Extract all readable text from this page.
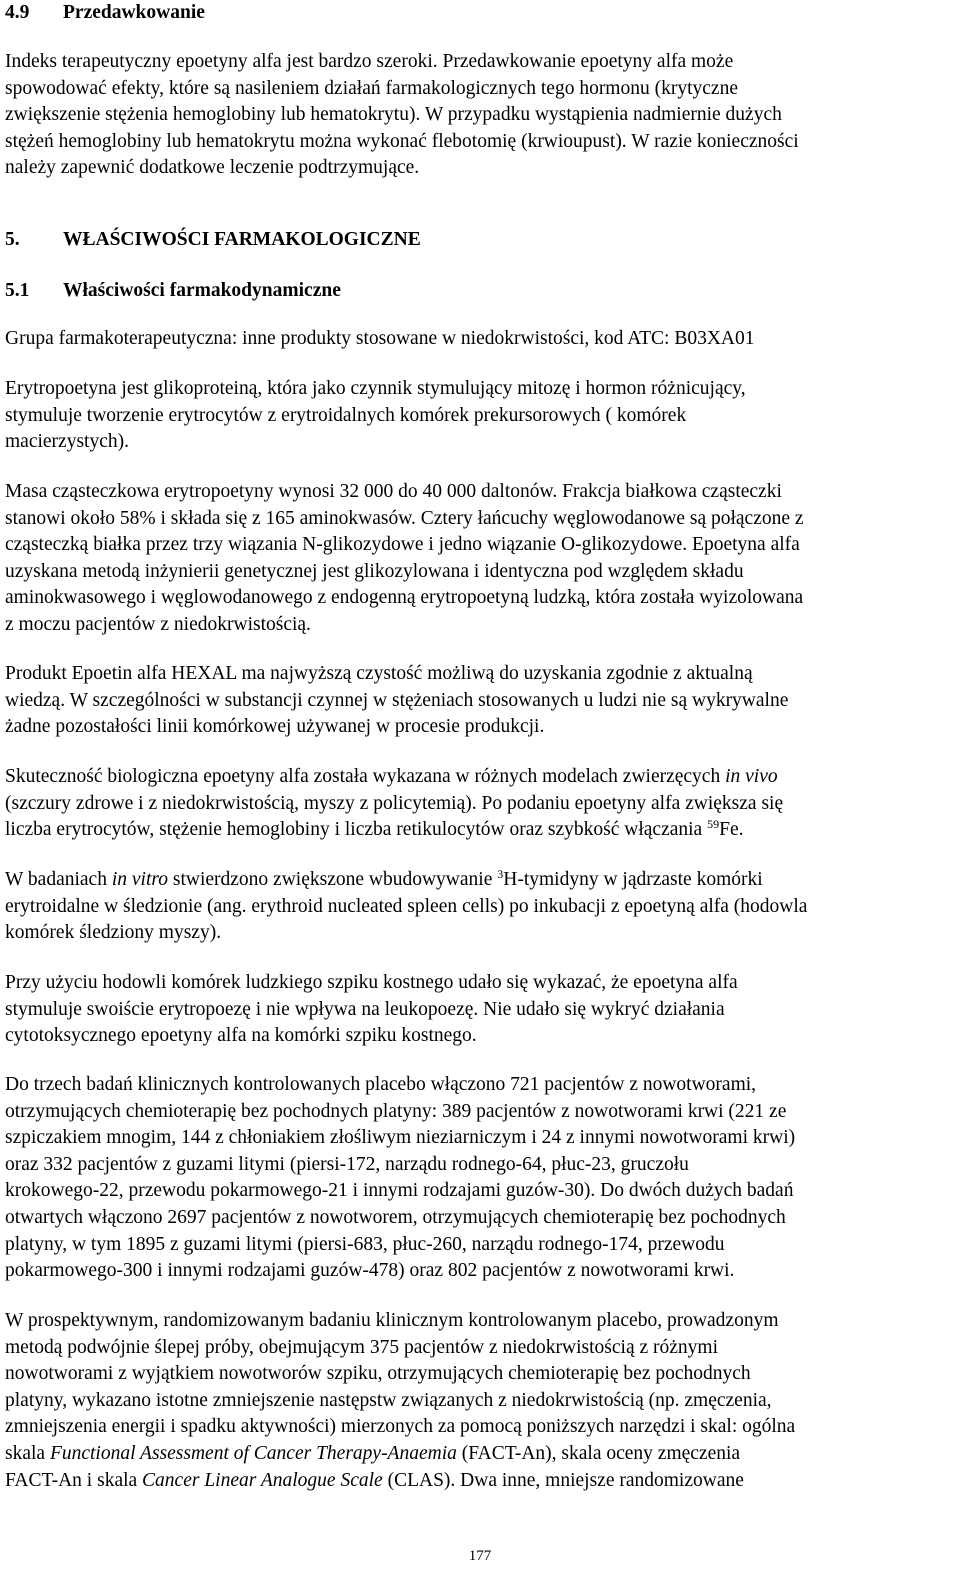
4.9 Przedawkowanie

Indeks terapeutyczny epoetyny alfa jest bardzo szeroki. Przedawkowanie epoetyny alfa może
spowodować efekty, które są nasileniem działań farmakologicznych tego hormonu (krytyczne
zwiększenie stężenia hemoglobiny lub hematokrytu). W przypadku wystąpienia nadmiernie dużych
stężeń hemoglobiny lub hematokrytu można wykonać flebotomię (krwioupust). W razie konieczności
należy zapewnić dodatkowe leczenie podtrzymujące.

5. WŁAŚCIWOŚCI FARMAKOLOGICZNE
5.1 Właściwości farmakodynamiczne

Grupa farmakoterapeutyczna: inne produkty stosowane w niedokrwistości, kod ATC: B03XA01

Erytropoetyna jest glikoproteiną, która jako czynnik stymulujący mitozę i hormon różnicujący,
stymuluje tworzenie erytrocytów z erytroidalnych komórek prekursorowych ( komórek
macierzystych).

Masa cząsteczkowa erytropoetyny wynosi 32 000 do 40 000 daltonów. Frakcja białkowa cząsteczki
stanowi około 58% i składa się z 165 aminokwasów. Cztery łańcuchy węglowodanowe są połączone z
cząsteczką białka przez trzy wiązania N-glikozydowe i jedno wiązanie O-glikozydowe. Epoetyna alfa
uzyskana metodą inżynierii genetycznej jest glikozylowana i identyczna pod względem składu
aminokwasowego i węglowodanowego z endogenną erytropoetyną ludzką, która została wyizolowana
z moczu pacjentów z niedokrwistością.

Produkt Epoetin alfa HEXAL ma najwyższą czystość możliwą do uzyskania zgodnie z aktualną
wiedzą. W szczególności w substancji czynnej w stężeniach stosowanych u ludzi nie są wykrywalne
żadne pozostałości linii komórkowej używanej w procesie produkcji.

Skuteczność biologiczna epoetyny alfa została wykazana w różnych modelach zwierzęcych in vivo
(szczury zdrowe i z niedokrwistością, myszy z policytemią). Po podaniu epoetyny alfa zwiększa się
liczba erytrocytów, stężenie hemoglobiny i liczba retikulocytów oraz szybkość włączania $^{59}$Fe.

W badaniach in vitro stwierdzono zwiększone wbudowywanie $^3$H-tymidyny w jądrzaste komórki
erytroidalne w śledzionie (ang. erythroid nucleated spleen cells) po inkubacji z epoetyną alfa (hodowla
komórek śledziony myszy).

Przy użyciu hodowli komórek ludzkiego szpiku kostnego udało się wykazać, że epoetyna alfa
stymuluje swoiście erytropoezę i nie wpływa na leukopoezę. Nie udało się wykryć działania
cytotoksycznego epoetyny alfa na komórki szpiku kostnego.

Do trzech badań klinicznych kontrolowanych placebo włączono 721 pacjentów z nowotworami,
otrzymujących chemioterapię bez pochodnych platyny: 389 pacjentów z nowotworami krwi (221 ze
szpiczakiem mnogim, 144 z chłoniakiem złośliwym nieziarniczym i 24 z innymi nowotworami krwi)
oraz 332 pacjentów z guzami litymi (piersi-172, narządu rodnego-64, płuc-23, gruczołu
krokowego-22, przewodu pokarmowego-21 i innymi rodzajami guzów-30). Do dwóch dużych badań
otwartych włączono 2697 pacjentów z nowotworem, otrzymujących chemioterapię bez pochodnych
platyny, w tym 1895 z guzami litymi (piersi-683, płuc-260, narządu rodnego-174, przewodu
pokarmowego-300 i innymi rodzajami guzów-478) oraz 802 pacjentów z nowotworami krwi.

W prospektywnym, randomizowanym badaniu klinicznym kontrolowanym placebo, prowadzonym
metodą podwójnie ślepej próby, obejmującym 375 pacjentów z niedokrwistością z różnymi
nowotworami z wyjątkiem nowotworów szpiku, otrzymujących chemioterapię bez pochodnych
platyny, wykazano istotne zmniejszenie następstw związanych z niedokrwistością (np. zmęczenia,
zmniejszenia energii i spadku aktywności) mierzonych za pomocą poniższych narzędzi i skal: ogólna
skala Functional Assessment of Cancer Therapy-Anaemia (FACT-An), skala oceny zmęczenia
FACT-An i skala Cancer Linear Analogue Scale (CLAS). Dwa inne, mniejsze randomizowane

177
